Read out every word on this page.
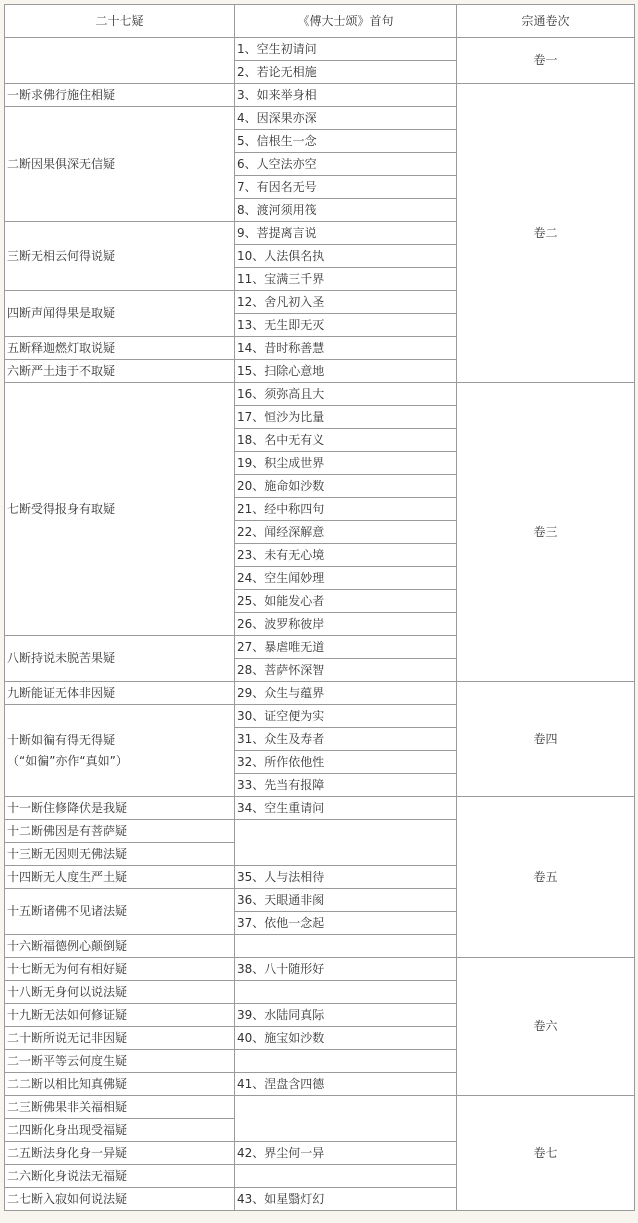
二十七疑	《傅大士颂》首句	宗通卷次
	1、空生初请问	卷一
	2、若论无相施	
一断求佛行施住相疑	3、如来举身相	卷二
二断因果俱深无信疑	4、因深果亦深	
	5、信根生一念	
	6、人空法亦空	
	7、有因名无号	
	8、渡河须用筏	
三断无相云何得说疑	9、菩提离言说	
	10、人法俱名执	
	11、宝满三千界	
四断声闻得果是取疑	12、舍凡初入圣	
	13、无生即无灭	
五断释迦燃灯取说疑	14、昔时称善慧	
六断严土违于不取疑	15、扫除心意地	
七断受得报身有取疑	16、须弥高且大	卷三
	17、恒沙为比量	
	18、名中无有义	
	19、积尘成世界	
	20、施命如沙数	
	21、经中称四句	
	22、闻经深解意	
	23、未有无心境	
	24、空生闻妙理	
	25、如能发心者	
	26、波罗称彼岸	
八断持说未脱苦果疑	27、暴虐唯无道	
	28、菩萨怀深智	
九断能证无体非因疑	29、众生与蕴界	卷四

十断如徧有得无得疑
（“如徧”亦作“真如”）	30、证空便为实	
	31、众生及寿者	
	32、所作依他性	
	33、先当有报障	
十一断住修降伏是我疑	34、空生重请问	卷五
十二断佛因是有菩萨疑		
十三断无因则无佛法疑		
十四断无人度生严土疑	35、人与法相待	
十五断诸佛不见诸法疑	36、天眼通非阂	
	37、依他一念起	
十六断福德例心颠倒疑		
十七断无为何有相好疑	38、八十随形好	卷六
十八断无身何以说法疑		
十九断无法如何修证疑	39、水陆同真际	
二十断所说无记非因疑	40、施宝如沙数	
二一断平等云何度生疑		
二二断以相比知真佛疑	41、涅盘含四德	
二三断佛果非关福相疑		卷七
二四断化身出现受福疑		
二五断法身化身一异疑	42、界尘何一异	
二六断化身说法无福疑		
二七断入寂如何说法疑	43、如星翳灯幻	
